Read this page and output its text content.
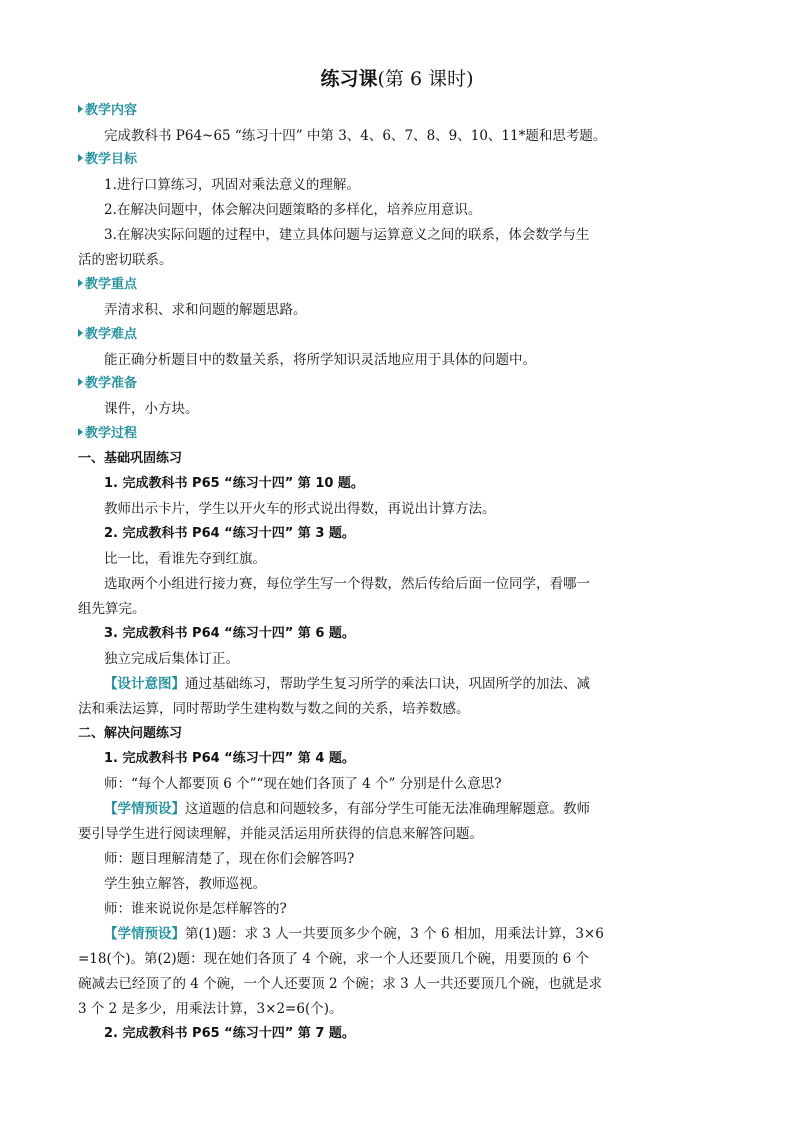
练习课(第 6 课时)
教学内容
完成教科书 P64~65 “练习十四” 中第 3、4、6、7、8、9、10、11*题和思考题。
教学目标
1.进行口算练习，巩固对乘法意义的理解。
2.在解决问题中，体会解决问题策略的多样化，培养应用意识。
3.在解决实际问题的过程中，建立具体问题与运算意义之间的联系，体会数学与生
活的密切联系。
教学重点
弄清求积、求和问题的解题思路。
教学难点
能正确分析题目中的数量关系，将所学知识灵活地应用于具体的问题中。
教学准备
课件，小方块。
教学过程
一、基础巩固练习
1. 完成教科书 P65 “练习十四” 第 10 题。
教师出示卡片，学生以开火车的形式说出得数，再说出计算方法。
2. 完成教科书 P64 “练习十四” 第 3 题。
比一比，看谁先夺到红旗。
选取两个小组进行接力赛，每位学生写一个得数，然后传给后面一位同学，看哪一
组先算完。
3. 完成教科书 P64 “练习十四” 第 6 题。
独立完成后集体订正。
【设计意图】通过基础练习，帮助学生复习所学的乘法口诀，巩固所学的加法、减
法和乘法运算，同时帮助学生建构数与数之间的关系，培养数感。
二、解决问题练习
1. 完成教科书 P64 “练习十四” 第 4 题。
师：“每个人都要顶 6 个”“现在她们各顶了 4 个” 分别是什么意思?
【学情预设】这道题的信息和问题较多，有部分学生可能无法准确理解题意。教师
要引导学生进行阅读理解，并能灵活运用所获得的信息来解答问题。
师：题目理解清楚了，现在你们会解答吗?
学生独立解答，教师巡视。
师：谁来说说你是怎样解答的?
【学情预设】第(1)题：求 3 人一共要顶多少个碗，3 个 6 相加，用乘法计算，3×6
=18(个)。第(2)题：现在她们各顶了 4 个碗，求一个人还要顶几个碗，用要顶的 6 个
碗减去已经顶了的 4 个碗，一个人还要顶 2 个碗；求 3 人一共还要顶几个碗，也就是求
3 个 2 是多少，用乘法计算，3×2=6(个)。
2. 完成教科书 P65 “练习十四” 第 7 题。
